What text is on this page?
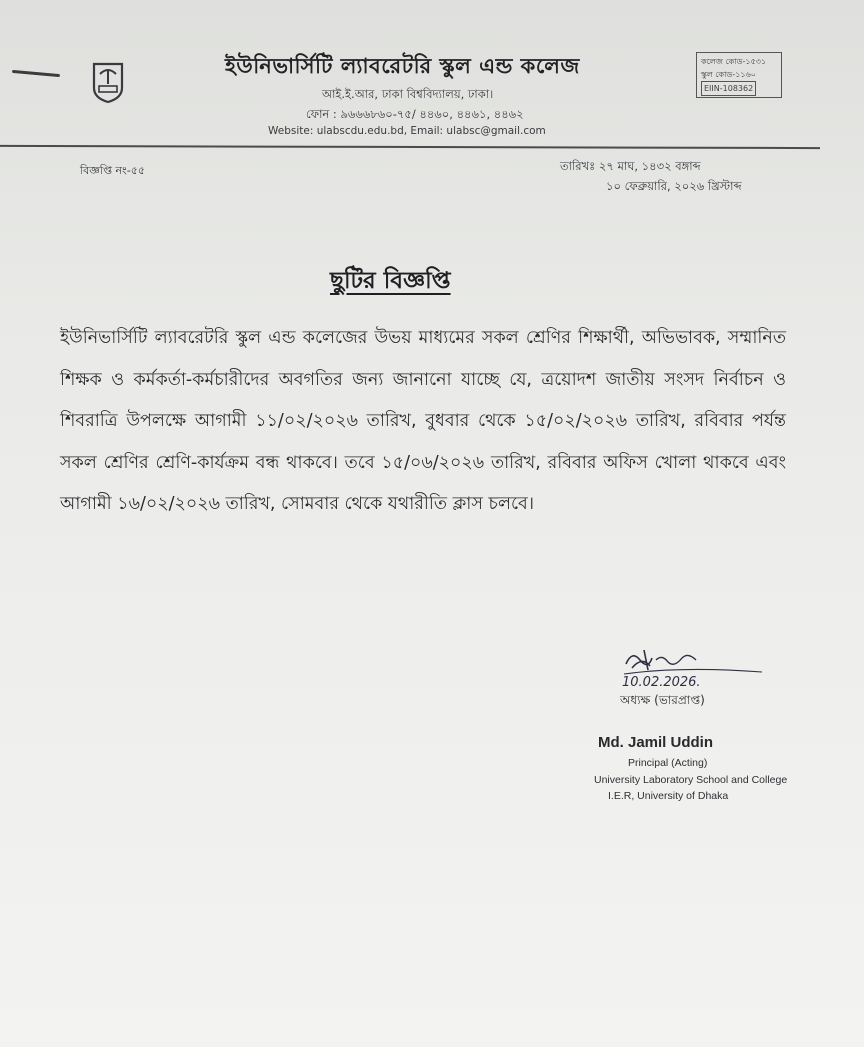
ইউনিভার্সিটি ল্যাবরেটরি স্কুল এন্ড কলেজ
আই.ই.আর, ঢাকা বিশ্ববিদ্যালয়, ঢাকা।
ফোন : ৯৬৬৬৮৬০-৭৫/ ৪৪৬০, ৪৪৬১, ৪৪৬২
Website: ulabscdu.edu.bd, Email: ulabsc@gmail.com
কলেজ কোড-১৫৩১
স্কুল কোড-১১৬০
EIIN-108362
বিজ্ঞপ্তি নং-৫৫	তারিখঃ ২৭ মাঘ, ১৪৩২ বঙ্গাব্দ
১০ ফেব্রুয়ারি, ২০২৬ খ্রিস্টাব্দ
ছুটির বিজ্ঞপ্তি
ইউনিভার্সিটি ল্যাবরেটরি স্কুল এন্ড কলেজের উভয় মাধ্যমের সকল শ্রেণির শিক্ষার্থী, অভিভাবক, সম্মানিত শিক্ষক ও কর্মকর্তা-কর্মচারীদের অবগতির জন্য জানানো যাচ্ছে যে, ত্রয়োদশ জাতীয় সংসদ নির্বাচন ও শিবরাত্রি উপলক্ষে আগামী ১১/০২/২০২৬ তারিখ, বুধবার থেকে ১৫/০২/২০২৬ তারিখ, রবিবার পর্যন্ত সকল শ্রেণির শ্রেণি-কার্যক্রম বন্ধ থাকবে। তবে ১৫/০৬/২০২৬ তারিখ, রবিবার অফিস খোলা থাকবে এবং আগামী ১৬/০২/২০২৬ তারিখ, সোমবার থেকে যথারীতি ক্লাস চলবে।
10.02.2026.
অধ্যক্ষ (ভারপ্রাপ্ত)
Md. Jamil Uddin
Principal (Acting)
University Laboratory School and College
I.E.R, University of Dhaka
